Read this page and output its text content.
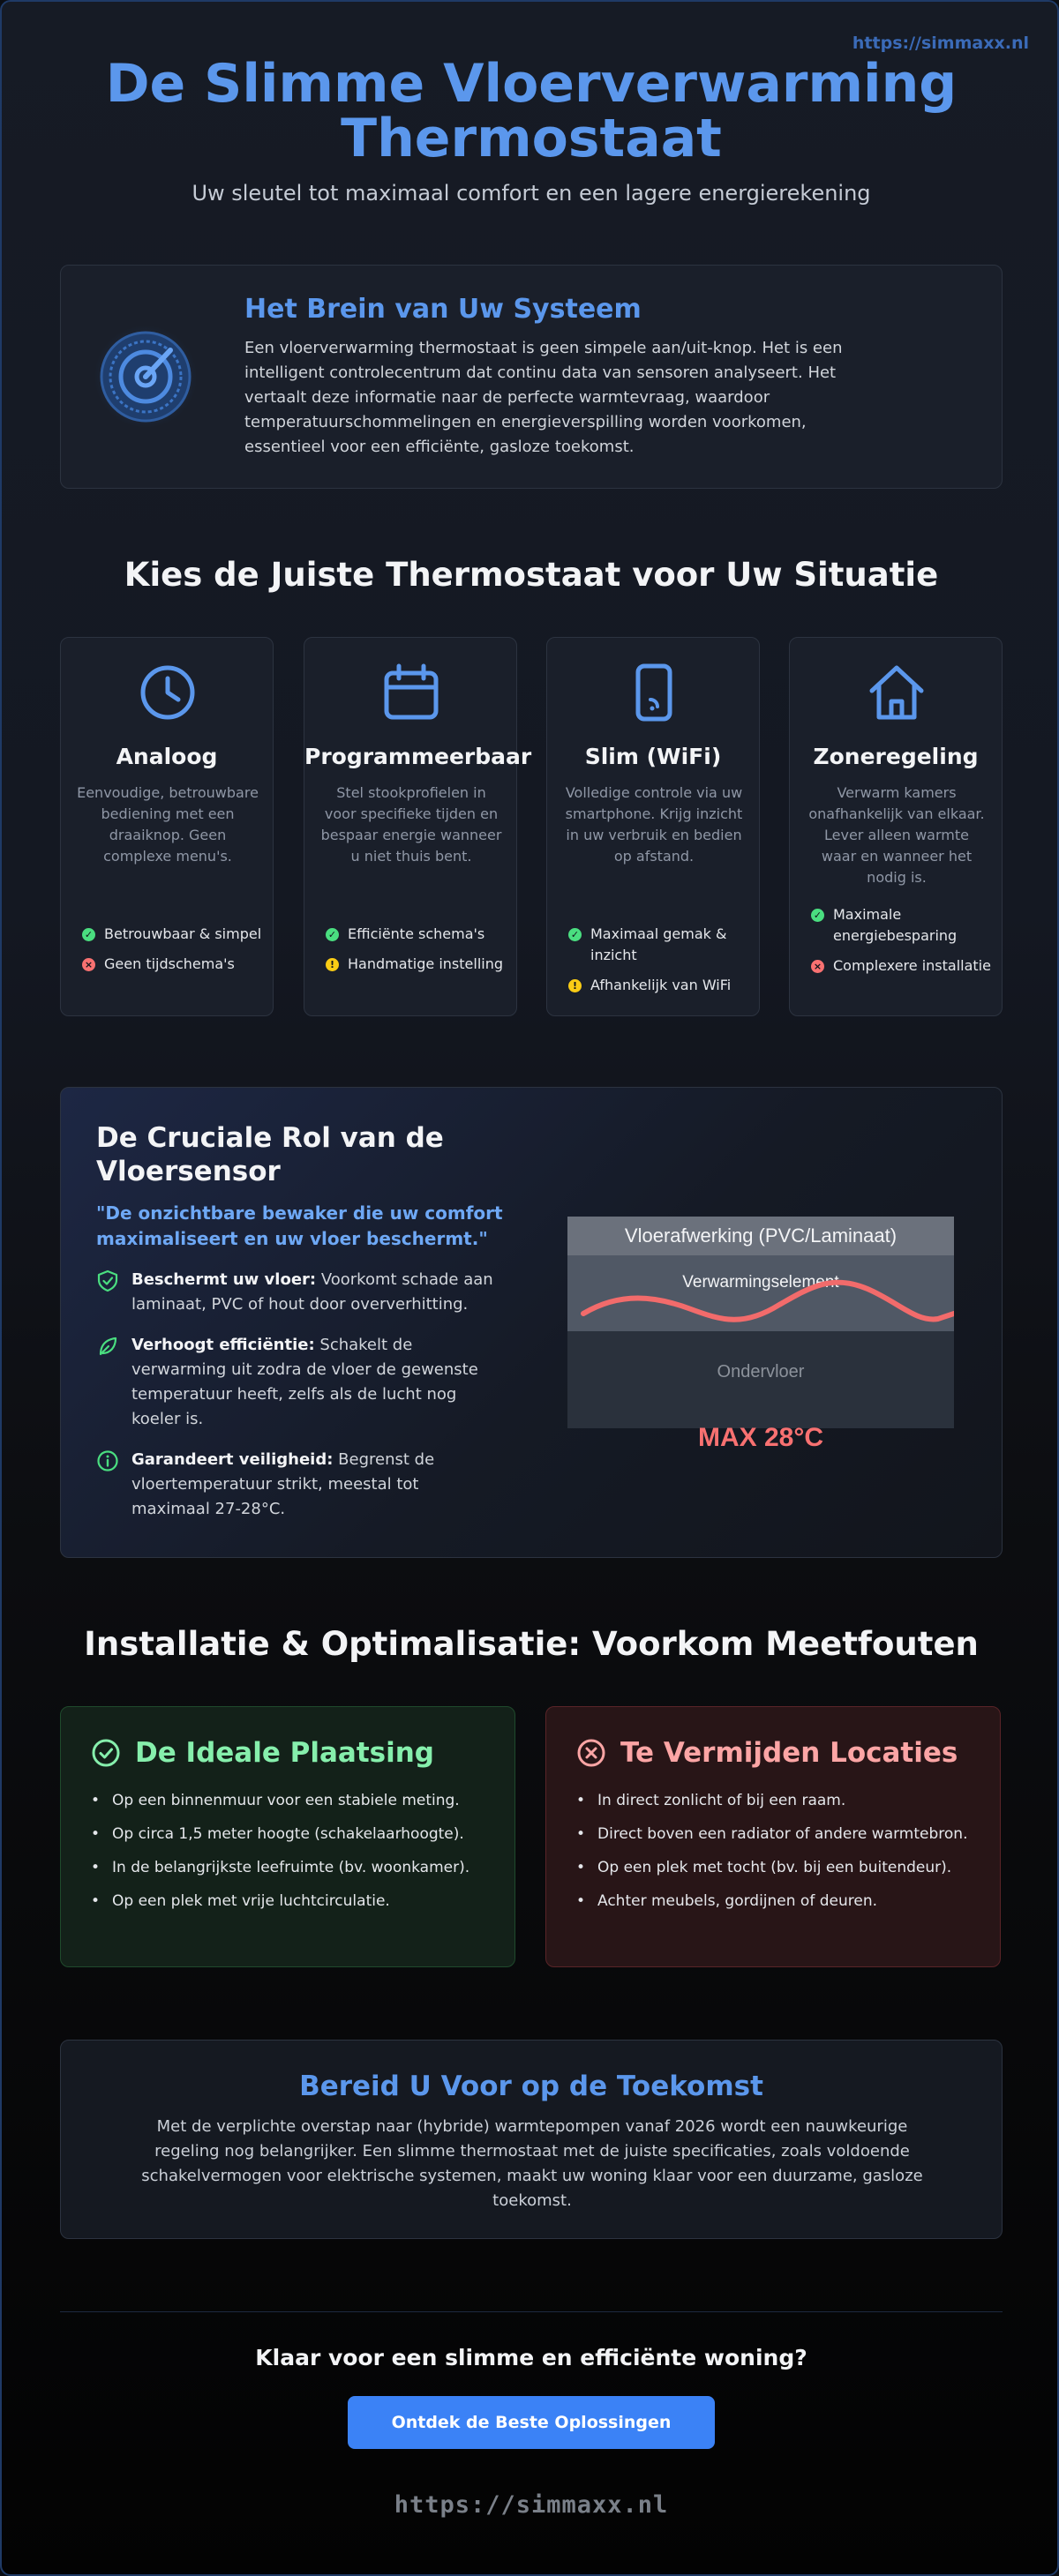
https://simmaxx.nl
De Slimme Vloerverwarming
Thermostaat
Uw sleutel tot maximaal comfort en een lagere energierekening
Het Brein van Uw Systeem
Een vloerverwarming thermostaat is geen simpele aan/uit-knop. Het is een intelligent controlecentrum dat continu data van sensoren analyseert. Het vertaalt deze informatie naar de perfecte warmtevraag, waardoor temperatuurschommelingen en energieverspilling worden voorkomen, essentieel voor een efficiënte, gasloze toekomst.
Kies de Juiste Thermostaat voor Uw Situatie
Analoog
Eenvoudige, betrouwbare bediening met een draaiknop. Geen complexe menu's.
✓ Betrouwbaar & simpel
× Geen tijdschema's
Programmeerbaar
Stel stookprofielen in voor specifieke tijden en bespaar energie wanneer u niet thuis bent.
✓ Efficiënte schema's
! Handmatige instelling
Slim (WiFi)
Volledige controle via uw smartphone. Krijg inzicht in uw verbruik en bedien op afstand.
✓ Maximaal gemak & inzicht
! Afhankelijk van WiFi
Zoneregeling
Verwarm kamers onafhankelijk van elkaar. Lever alleen warmte waar en wanneer het nodig is.
✓ Maximale energiebesparing
× Complexere installatie
De Cruciale Rol van de Vloersensor
"De onzichtbare bewaker die uw comfort maximaliseert en uw vloer beschermt."
Beschermt uw vloer: Voorkomt schade aan laminaat, PVC of hout door oververhitting.
Verhoogt efficiëntie: Schakelt de verwarming uit zodra de vloer de gewenste temperatuur heeft, zelfs als de lucht nog koeler is.
Garandeert veiligheid: Begrenst de vloertemperatuur strikt, meestal tot maximaal 27-28°C.
Vloerafwerking (PVC/Laminaat)
Verwarmingselement
Ondervloer
MAX 28°C
Installatie & Optimalisatie: Voorkom Meetfouten
De Ideale Plaatsing
• Op een binnenmuur voor een stabiele meting.
• Op circa 1,5 meter hoogte (schakelaarhoogte).
• In de belangrijkste leefruimte (bv. woonkamer).
• Op een plek met vrije luchtcirculatie.
Te Vermijden Locaties
• In direct zonlicht of bij een raam.
• Direct boven een radiator of andere warmtebron.
• Op een plek met tocht (bv. bij een buitendeur).
• Achter meubels, gordijnen of deuren.
Bereid U Voor op de Toekomst
Met de verplichte overstap naar (hybride) warmtepompen vanaf 2026 wordt een nauwkeurige regeling nog belangrijker. Een slimme thermostaat met de juiste specificaties, zoals voldoende schakelvermogen voor elektrische systemen, maakt uw woning klaar voor een duurzame, gasloze toekomst.
Klaar voor een slimme en efficiënte woning?
Ontdek de Beste Oplossingen
https://simmaxx.nl
